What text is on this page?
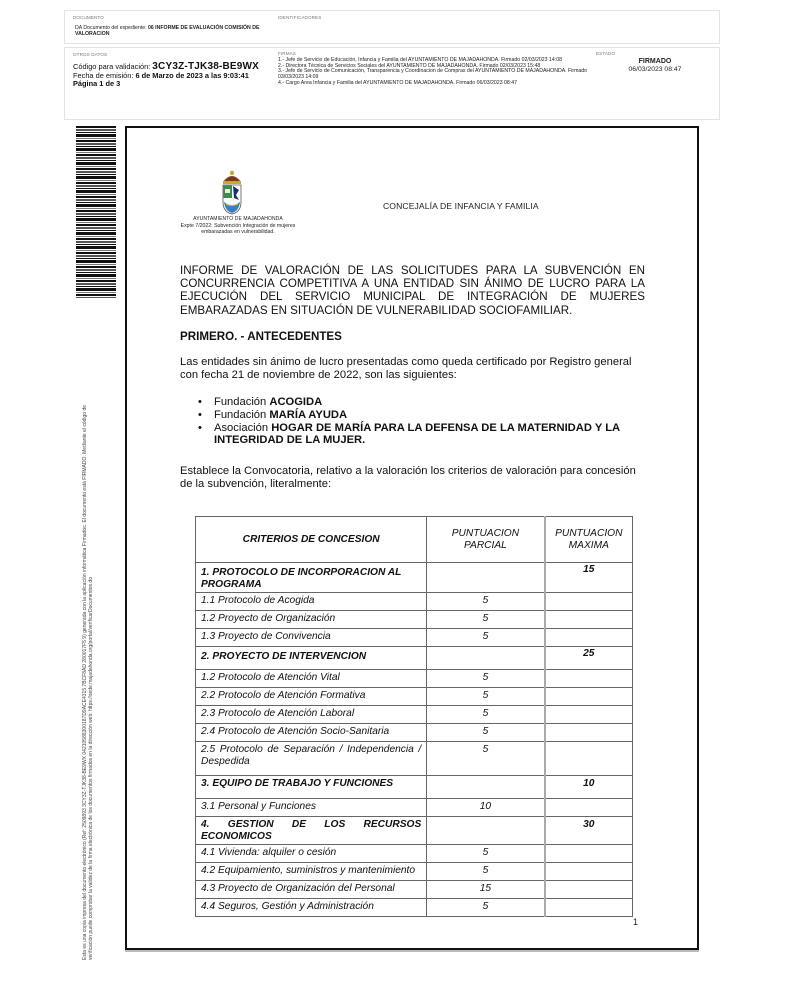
DOCUMENTO
DA Documento del expediente: 06 INFORME DE EVALUACIÓN COMISIÓN DE VALORACION
IDENTIFICADORES
OTROS DATOS
Código para validación: 3CY3Z-TJK38-BE9WX
Fecha de emisión: 6 de Marzo de 2023 a las 9:03:41
Página 1 de 3
FIRMAS
1.- Jefe de Servicio de Educación, Infancia y Familia del AYUNTAMIENTO DE MAJADAHONDA. Firmado 02/03/2023 14:08
2.- Directora Técnica de Servicios Sociales del AYUNTAMIENTO DE MAJADAHONDA. Firmado 02/03/2023 15:48
3.- Jefe de Servicio de Comunicación, Transparencia y Coordinacion de Compras del AYUNTAMIENTO DE MAJADAHONDA. Firmado 03/03/2023 14:09
4.- Cargo Area Infancia y Familia del AYUNTAMIENTO DE MAJADAHONDA. Firmado 06/03/2023 08:47
ESTADO
FIRMADO
06/03/2023 08:47
Esta es una copia impresa del documento electrónico (Ref: 2509893 3CY3Z-TJK38-BE9WX 04210588300187D9ACE4315 7BCF8AD 280017F5 9) generada con la aplicación informática Firmadoc. El documento está FIRMADO. Mediante el código de verificación puede comprobar la validez de la firma electrónica de los documentos firmados en la dirección web: https://sede.majadahonda.org/portal/verificarDocumentos.do
AYUNTAMIENTO DE MAJADAHONDA
Expte 7/2022: Subvención Integración de mujeres embarazadas en vulnerabilidad.
CONCEJALÍA DE INFANCIA Y FAMILIA
INFORME DE VALORACIÓN DE LAS SOLICITUDES PARA LA SUBVENCIÓN EN
CONCURRENCIA COMPETITIVA A UNA ENTIDAD SIN ÁNIMO DE LUCRO PARA LA
EJECUCIÓN DEL SERVICIO MUNICIPAL DE INTEGRACIÓN DE MUJERES
EMBARAZADAS EN SITUACIÓN DE VULNERABILIDAD SOCIOFAMILIAR.
PRIMERO. - ANTECEDENTES
Las entidades sin ánimo de lucro presentadas como queda certificado por Registro general con fecha 21 de noviembre de 2022, son las siguientes:
• Fundación ACOGIDA
• Fundación MARÍA AYUDA
• Asociación HOGAR DE MARÍA PARA LA DEFENSA DE LA MATERNIDAD Y LA INTEGRIDAD DE LA MUJER.
Establece la Convocatoria, relativo a la valoración los criterios de valoración para concesión de la subvención, literalmente:
CRITERIOS DE CONCESION	PUNTUACION PARCIAL	PUNTUACION MAXIMA
1. PROTOCOLO DE INCORPORACION AL PROGRAMA		15
1.1 Protocolo de Acogida	5	
1.2 Proyecto de Organización	5	
1.3 Proyecto de Convivencia	5	
2. PROYECTO DE INTERVENCION		25
1.2 Protocolo de Atención Vital	5	
2.2 Protocolo de Atención Formativa	5	
2.3 Protocolo de Atención Laboral	5	
2.4 Protocolo de Atención Socio-Sanitaria	5	
2.5 Protocolo de Separación / Independencia / Despedida	5	
3. EQUIPO DE TRABAJO Y FUNCIONES		10
3.1 Personal y Funciones	10	
4. GESTION DE LOS RECURSOS ECONOMICOS		30
4.1 Vivienda: alquiler o cesión	5	
4.2 Equipamiento, suministros y mantenimiento	5	
4.3 Proyecto de Organización del Personal	15	
4.4 Seguros, Gestión y Administración	5	
1
